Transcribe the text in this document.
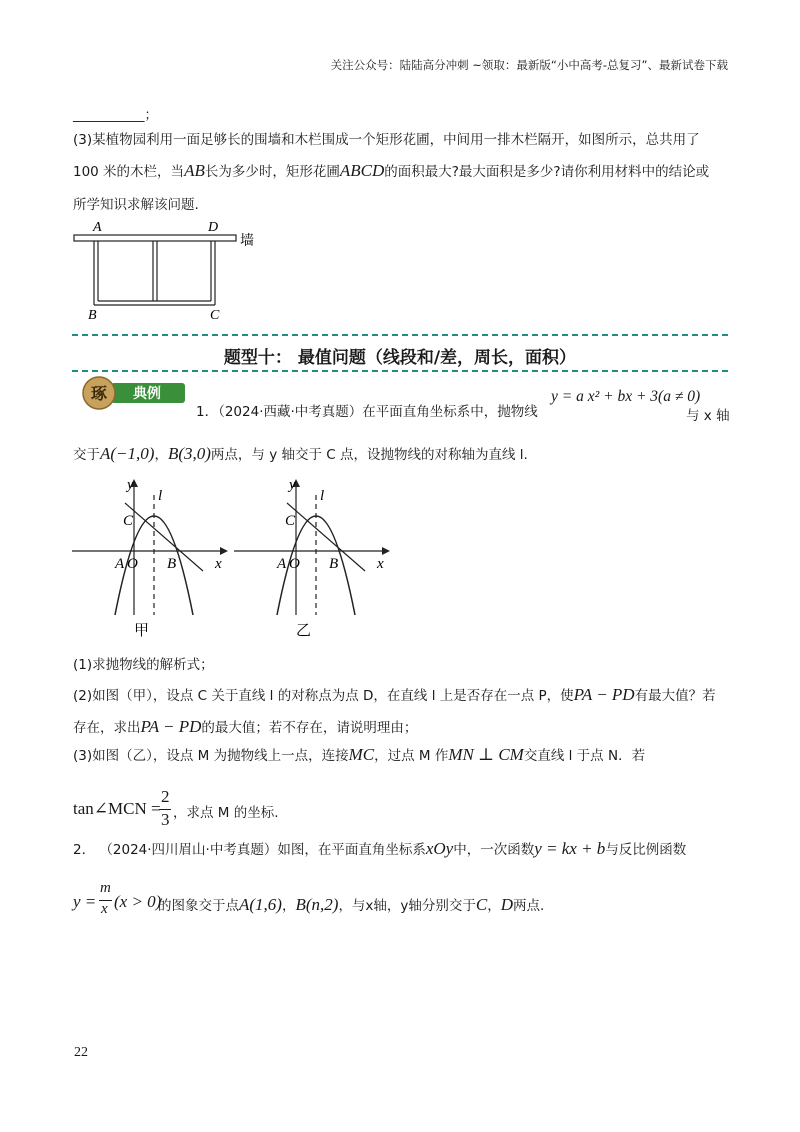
关注公众号：陆陆高分冲刺 ~领取：最新版“小中高考-总复习”、最新试卷下载
___________；
(3)某植物园利用一面足够长的围墙和木栏围成一个矩形花圃，中间用一排木栏隔开，如图所示，总共用了
100 米的木栏，当AB长为多少时，矩形花圃ABCD的面积最大?最大面积是多少?请你利用材料中的结论或
所学知识求解该问题.
A	D
B	C
墙
题型十： 最值问题（线段和/差，周长，面积）
琢 典例
1．（2024·西藏·中考真题）在平面直角坐标系中，抛物线
y = a x² + bx + 3(a ≠ 0)
与 x 轴
交于A(−1,0)，B(3,0)两点，与 y 轴交于 C 点，设抛物线的对称轴为直线 l.
y
l
C
A O B	x
甲
y
l
C
A O B	x
乙
(1)求抛物线的解析式；
(2)如图（甲），设点 C 关于直线 l 的对称点为点 D，在直线 l 上是否存在一点 P，使PA − PD有最大值？若
存在，求出PA − PD的最大值；若不存在，请说明理由；
(3)如图（乙），设点 M 为抛物线上一点，连接MC，过点 M 作MN ⊥ CM交直线 l 于点 N．若
tan∠MCN =
2
3 ，求点 M 的坐标.
2． （2024·四川眉山·中考真题）如图，在平面直角坐标系xOy中，一次函数y = kx + b与反比例函数
y =
m
x (x > 0)
的图象交于点A(1,6)，B(n,2)，与x轴，y轴分别交于C，D两点.
22
